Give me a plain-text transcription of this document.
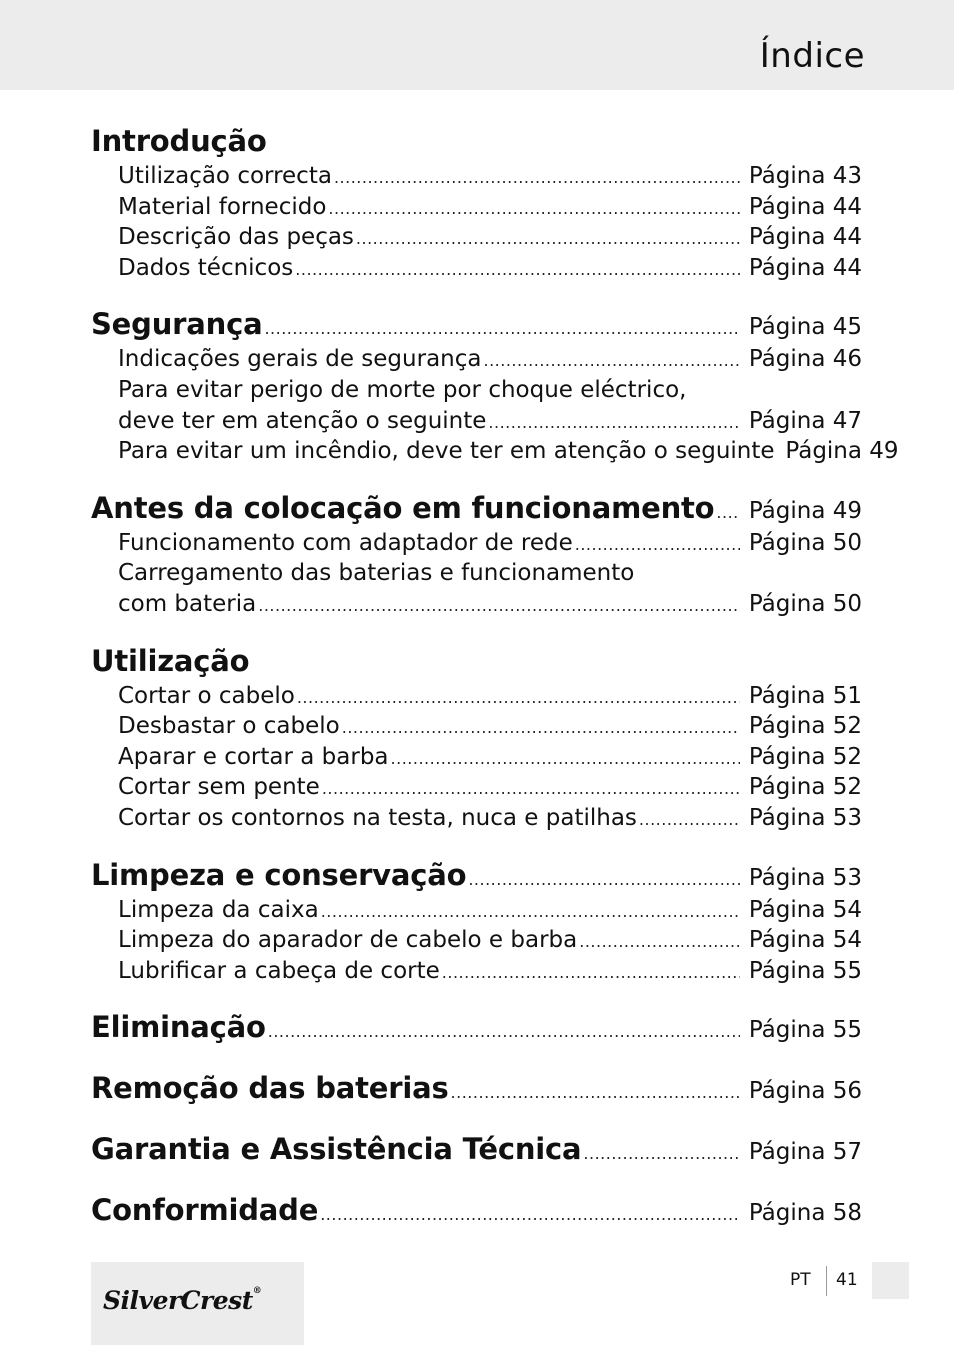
Índice
Introdução
Utilização correcta .....	Página 43
Material fornecido .....	Página 44
Descrição das peças .....	Página 44
Dados técnicos .....	Página 44
Segurança .....	Página 45
Indicações gerais de segurança .....	Página 46
Para evitar perigo de morte por choque eléctrico,
deve ter em atenção o seguinte .....	Página 47
Para evitar um incêndio, deve ter em atenção o seguinte Página 49
Antes da colocação em funcionamento ..... Página 49
Funcionamento com adaptador de rede .....	Página 50
Carregamento das baterias e funcionamento
com bateria .....	Página 50
Utilização
Cortar o cabelo .....	Página 51
Desbastar o cabelo .....	Página 52
Aparar e cortar a barba .....	Página 52
Cortar sem pente .....	Página 52
Cortar os contornos na testa, nuca e patilhas .....	Página 53
Limpeza e conservação .....	Página 53
Limpeza da caixa .....	Página 54
Limpeza do aparador de cabelo e barba .....	Página 54
Lubrificar a cabeça de corte .....	Página 55
Eliminação .....	Página 55
Remoção das baterias .....	Página 56
Garantia e Assistência Técnica .....	Página 57
Conformidade .....	Página 58
SilverCrest®
PT 41
